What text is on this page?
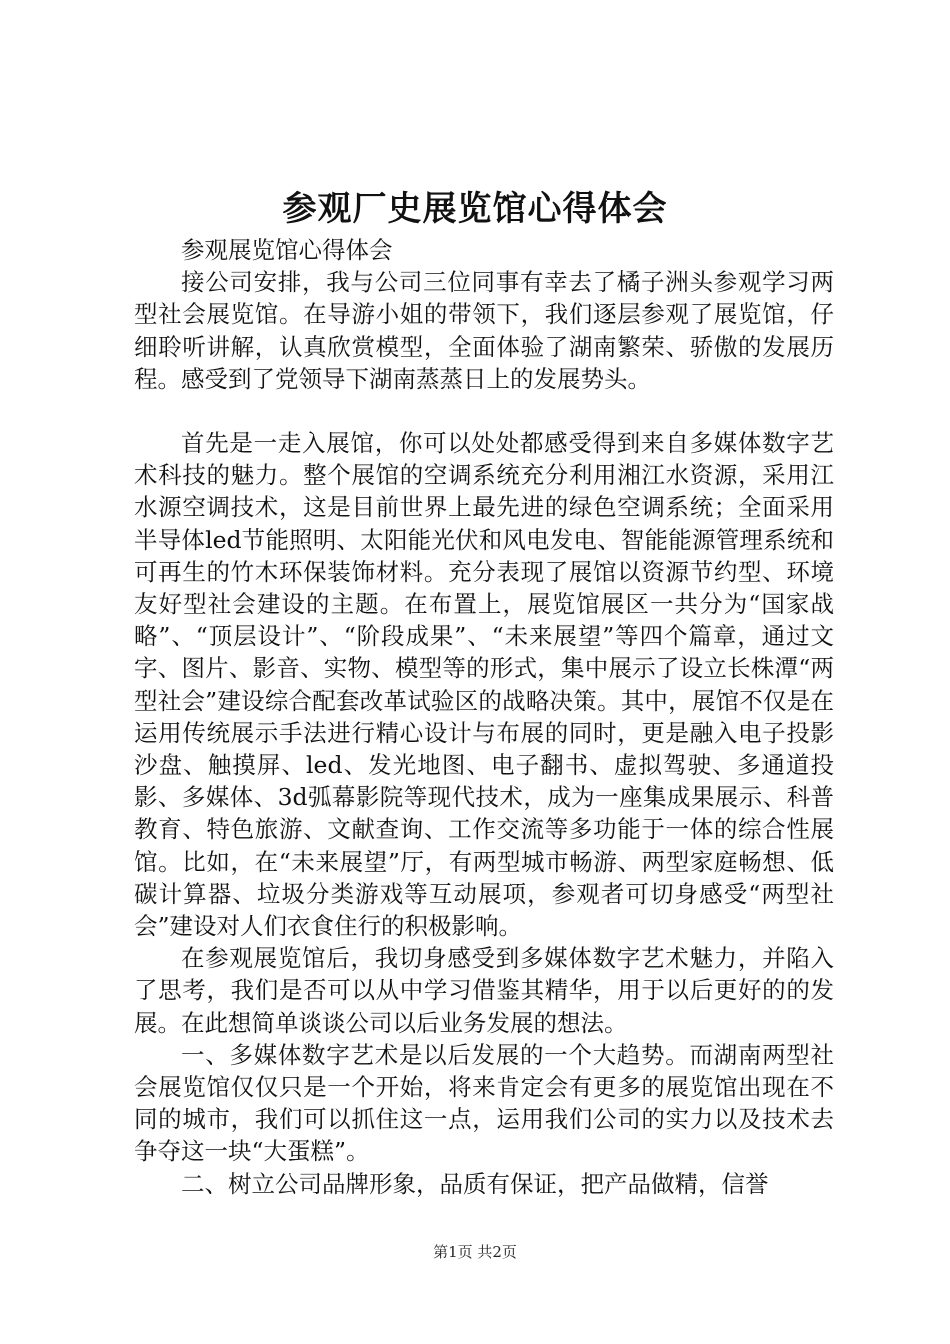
参观厂史展览馆心得体会

参观展览馆心得体会

接公司安排，我与公司三位同事有幸去了橘子洲头参观学习两型社会展览馆。在导游小姐的带领下，我们逐层参观了展览馆，仔细聆听讲解，认真欣赏模型，全面体验了湖南繁荣、骄傲的发展历程。感受到了党领导下湖南蒸蒸日上的发展势头。

首先是一走入展馆，你可以处处都感受得到来自多媒体数字艺术科技的魅力。整个展馆的空调系统充分利用湘江水资源，采用江水源空调技术，这是目前世界上最先进的绿色空调系统；全面采用半导体led节能照明、太阳能光伏和风电发电、智能能源管理系统和可再生的竹木环保装饰材料。充分表现了展馆以资源节约型、环境友好型社会建设的主题。在布置上，展览馆展区一共分为“国家战略”、“顶层设计”、“阶段成果”、“未来展望”等四个篇章，通过文字、图片、影音、实物、模型等的形式，集中展示了设立长株潭“两型社会”建设综合配套改革试验区的战略决策。其中，展馆不仅是在运用传统展示手法进行精心设计与布展的同时，更是融入电子投影沙盘、触摸屏、led、发光地图、电子翻书、虚拟驾驶、多通道投影、多媒体、3d弧幕影院等现代技术，成为一座集成果展示、科普教育、特色旅游、文献查询、工作交流等多功能于一体的综合性展馆。比如，在“未来展望”厅，有两型城市畅游、两型家庭畅想、低碳计算器、垃圾分类游戏等互动展项，参观者可切身感受“两型社会”建设对人们衣食住行的积极影响。

在参观展览馆后，我切身感受到多媒体数字艺术魅力，并陷入了思考，我们是否可以从中学习借鉴其精华，用于以后更好的的发展。在此想简单谈谈公司以后业务发展的想法。

一、多媒体数字艺术是以后发展的一个大趋势。而湖南两型社会展览馆仅仅只是一个开始，将来肯定会有更多的展览馆出现在不同的城市，我们可以抓住这一点，运用我们公司的实力以及技术去争夺这一块“大蛋糕”。

二、树立公司品牌形象，品质有保证，把产品做精，信誉

第1页 共2页
